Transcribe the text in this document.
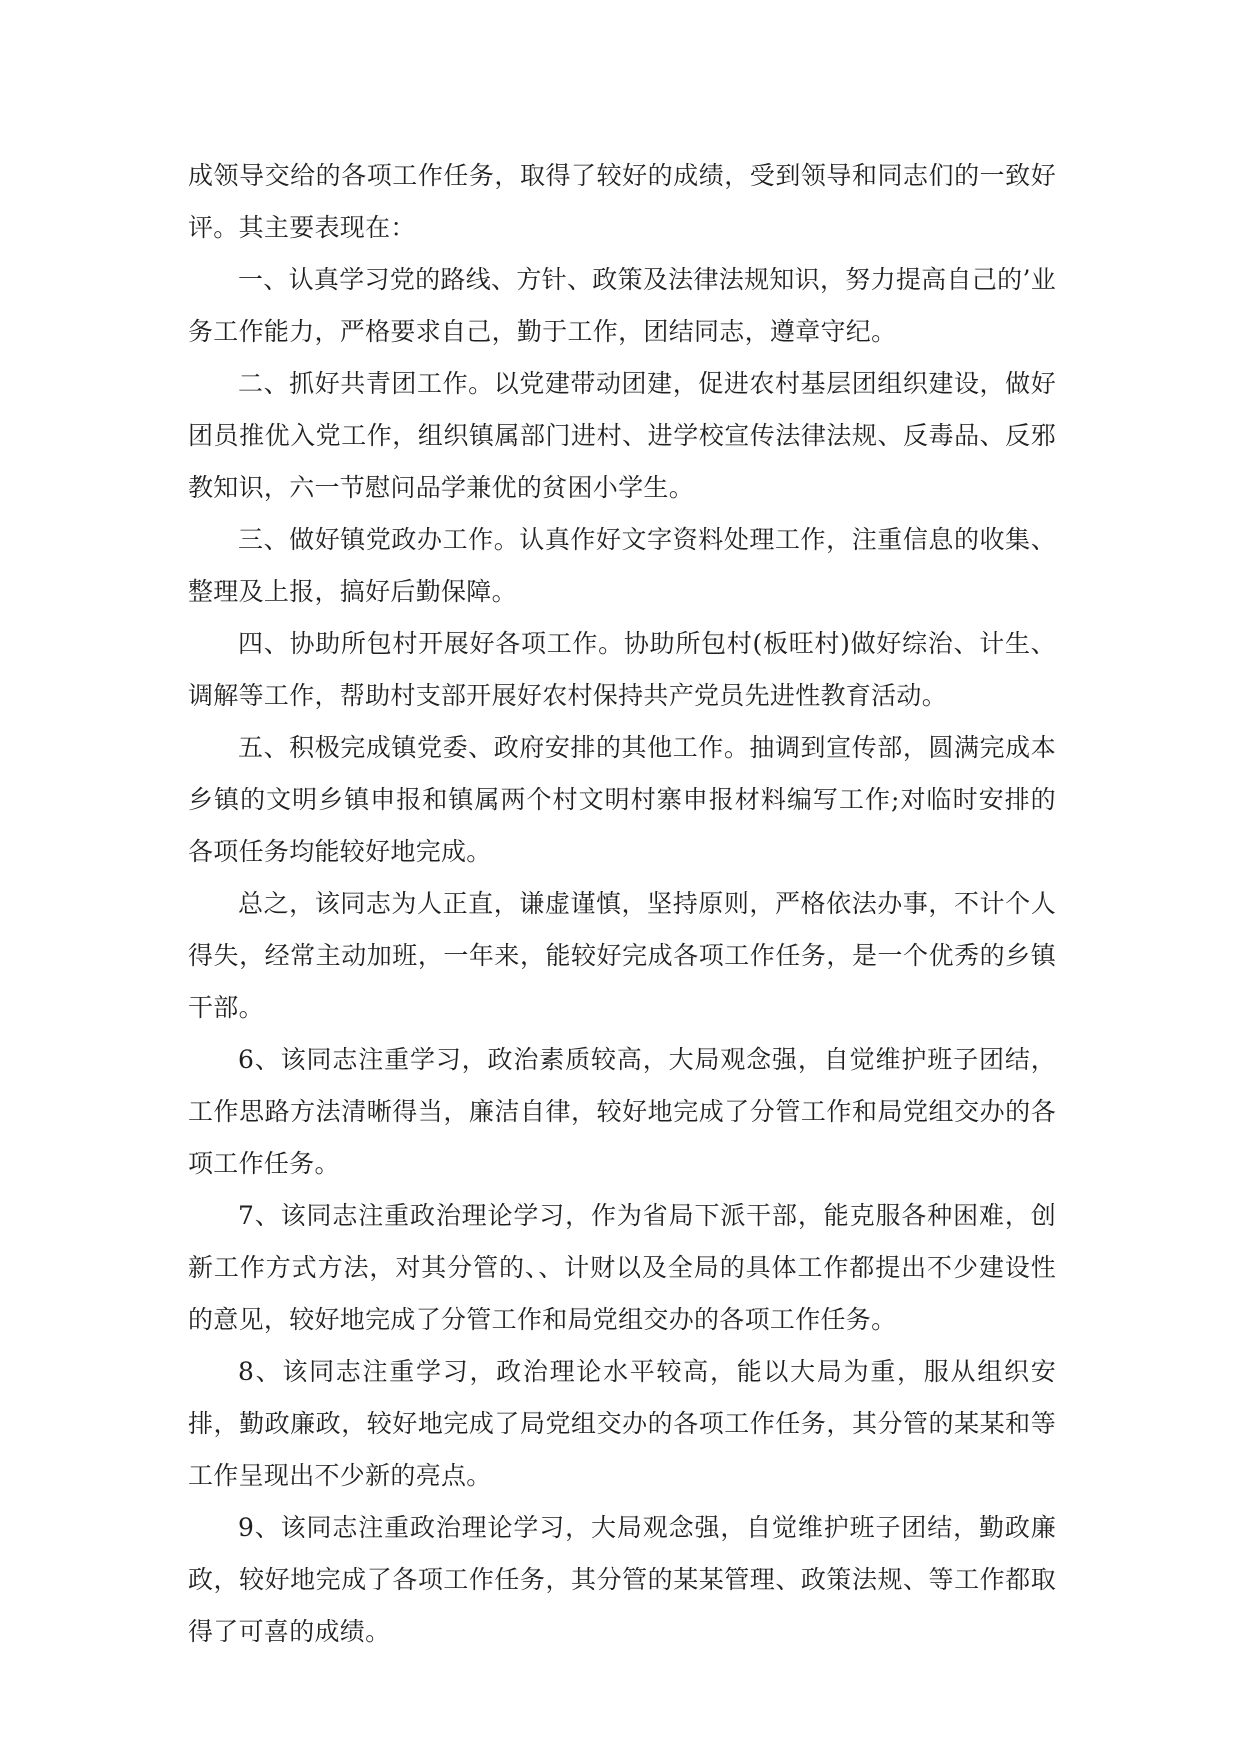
成领导交给的各项工作任务，取得了较好的成绩，受到领导和同志们的一致好评。其主要表现在：

一、认真学习党的路线、方针、政策及法律法规知识，努力提高自己的’业务工作能力，严格要求自己，勤于工作，团结同志，遵章守纪。

二、抓好共青团工作。以党建带动团建，促进农村基层团组织建设，做好团员推优入党工作，组织镇属部门进村、进学校宣传法律法规、反毒品、反邪教知识，六一节慰问品学兼优的贫困小学生。

三、做好镇党政办工作。认真作好文字资料处理工作，注重信息的收集、整理及上报，搞好后勤保障。

四、协助所包村开展好各项工作。协助所包村(板旺村)做好综治、计生、调解等工作，帮助村支部开展好农村保持共产党员先进性教育活动。

五、积极完成镇党委、政府安排的其他工作。抽调到宣传部，圆满完成本乡镇的文明乡镇申报和镇属两个村文明村寨申报材料编写工作;对临时安排的各项任务均能较好地完成。

总之，该同志为人正直，谦虚谨慎，坚持原则，严格依法办事，不计个人得失，经常主动加班，一年来，能较好完成各项工作任务，是一个优秀的乡镇干部。

6、该同志注重学习，政治素质较高，大局观念强，自觉维护班子团结，工作思路方法清晰得当，廉洁自律，较好地完成了分管工作和局党组交办的各项工作任务。

7、该同志注重政治理论学习，作为省局下派干部，能克服各种困难，创新工作方式方法，对其分管的、、计财以及全局的具体工作都提出不少建设性的意见，较好地完成了分管工作和局党组交办的各项工作任务。

8、该同志注重学习，政治理论水平较高，能以大局为重，服从组织安排，勤政廉政，较好地完成了局党组交办的各项工作任务，其分管的某某和等工作呈现出不少新的亮点。

9、该同志注重政治理论学习，大局观念强，自觉维护班子团结，勤政廉政，较好地完成了各项工作任务，其分管的某某管理、政策法规、等工作都取得了可喜的成绩。
